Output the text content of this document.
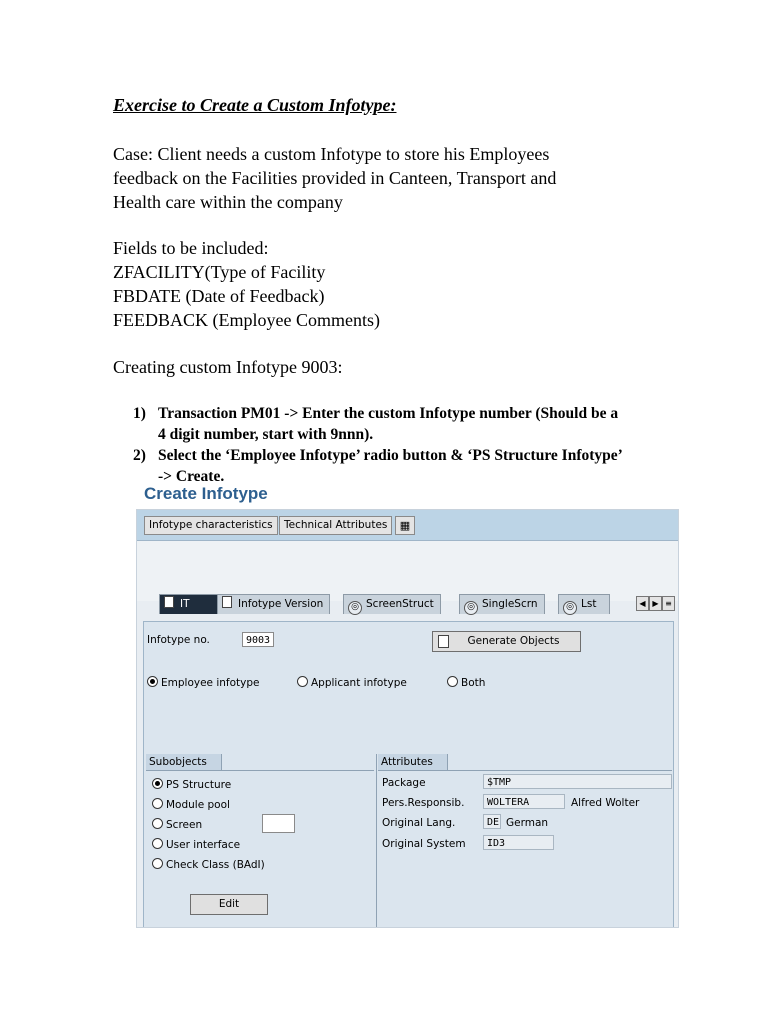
Exercise to Create a Custom Infotype:
Case: Client needs a custom Infotype to store his Employees
feedback on the Facilities provided in Canteen, Transport and
Health care within the company
Fields to be included:
ZFACILITY(Type of Facility
FBDATE (Date of Feedback)
FEEDBACK (Employee Comments)
Creating custom Infotype 9003:
1) Transaction PM01 -> Enter the custom Infotype number (Should be a
4 digit number, start with 9nnn).
2) Select the ‘Employee Infotype’ radio button & ‘PS Structure Infotype’
-> Create.
Create Infotype
Infotype characteristics	Technical Attributes	▦
IT	Infotype Version	◎ ScreenStruct	◎ SingleScrn	◎ Lst	◀ ▶ ≡
Infotype no.	9003	Generate Objects
Employee infotype	Applicant infotype	Both
Subobjects
PS Structure
Module pool
Screen
User interface
Check Class (BAdI)
Edit
Attributes
Package	$TMP
Pers.Responsib.	WOLTERA	Alfred Wolter
Original Lang.	DE German
Original System	ID3
